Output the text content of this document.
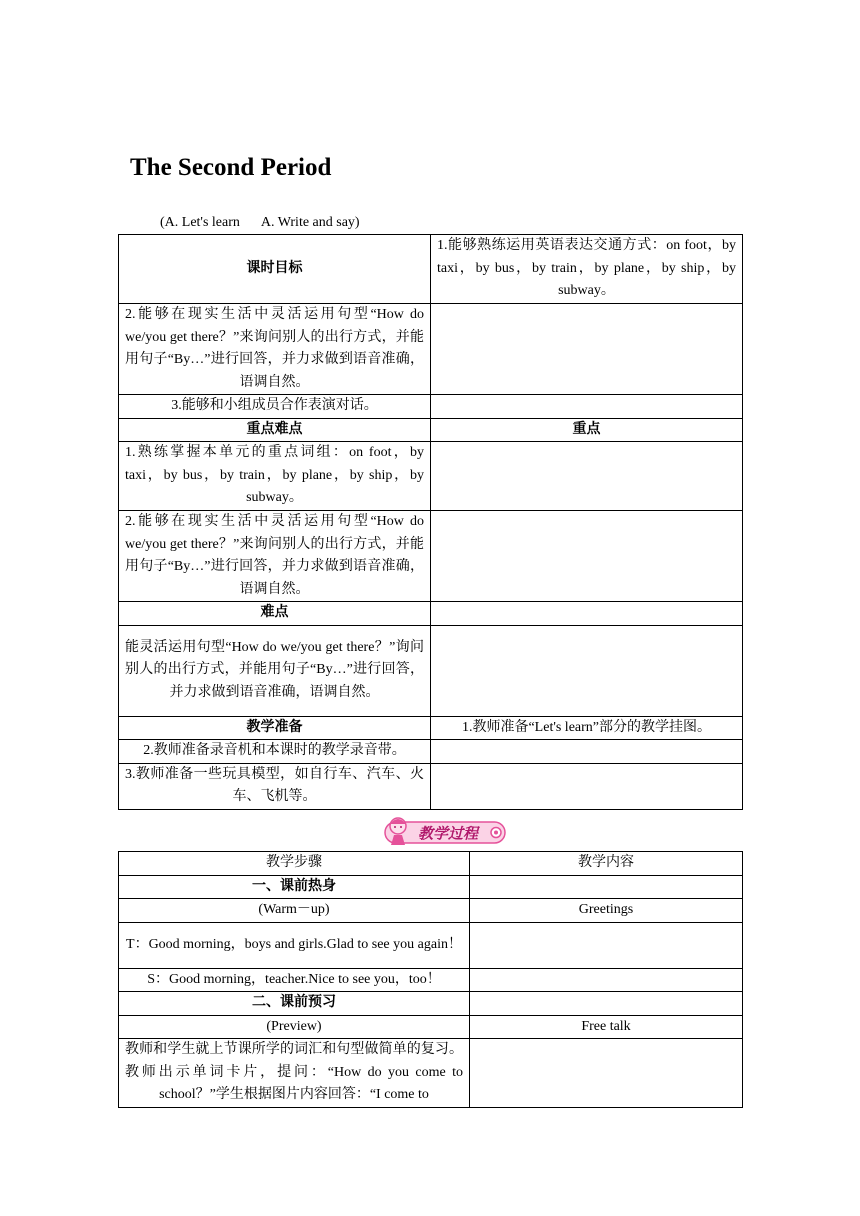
The Second Period
(A. Let's learn      A. Write and say)
课时目标	1.能够熟练运用英语表达交通方式：on foot，by taxi，by bus，by train，by plane，by ship，by subway。
2.能够在现实生活中灵活运用句型“How do we/you get there？”来询问别人的出行方式，并能用句子“By…”进行回答，并力求做到语音准确，语调自然。	
3.能够和小组成员合作表演对话。	
重点难点	重点
1.熟练掌握本单元的重点词组：on foot，by taxi，by bus，by train，by plane，by ship，by subway。	
2.能够在现实生活中灵活运用句型“How do we/you get there？”来询问别人的出行方式，并能用句子“By…”进行回答，并力求做到语音准确，语调自然。	
难点	
能灵活运用句型“How do we/you get there？”询问别人的出行方式，并能用句子“By…”进行回答，并力求做到语音准确，语调自然。	
教学准备	1.教师准备“Let's learn”部分的教学挂图。
2.教师准备录音机和本课时的教学录音带。	
3.教师准备一些玩具模型，如自行车、汽车、火车、飞机等。	
教学过程
教学步骤	教学内容
一、课前热身	
(Warm－up)	Greetings
T：Good morning，boys and girls.Glad to see you again！	
S：Good morning，teacher.Nice to see you，too！	
二、课前预习	
(Preview)	Free talk
教师和学生就上节课所学的词汇和句型做简单的复习。教师出示单词卡片，提问：“How do you come to school？”学生根据图片内容回答：“I come to	
